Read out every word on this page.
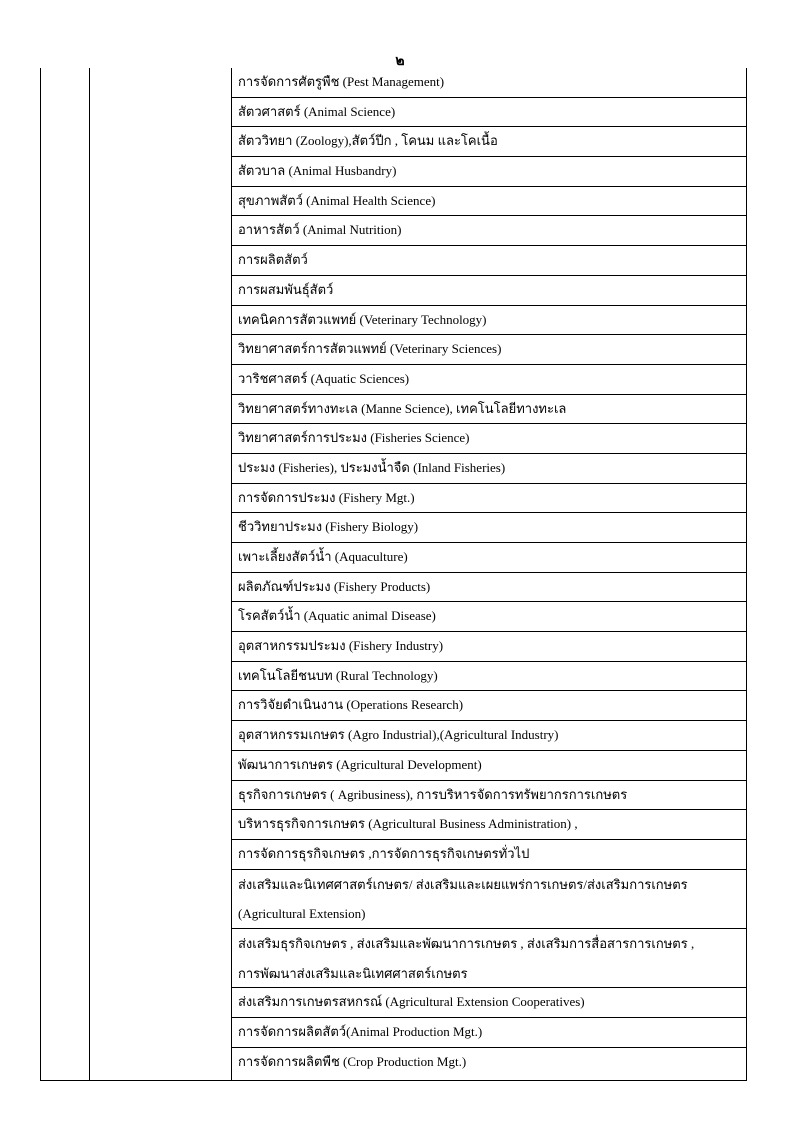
๒
การจัดการศัตรูพืช (Pest Management)
สัตวศาสตร์ (Animal Science)
สัตววิทยา (Zoology),สัตว์ปีก , โคนม และโคเนื้อ
สัตวบาล (Animal Husbandry)
สุขภาพสัตว์ (Animal Health Science)
อาหารสัตว์ (Animal Nutrition)
การผลิตสัตว์
การผสมพันธุ์สัตว์
เทคนิคการสัตวแพทย์ (Veterinary Technology)
วิทยาศาสตร์การสัตวแพทย์ (Veterinary Sciences)
วาริชศาสตร์ (Aquatic Sciences)
วิทยาศาสตร์ทางทะเล (Manne Science), เทคโนโลยีทางทะเล
วิทยาศาสตร์การประมง (Fisheries Science)
ประมง (Fisheries), ประมงน้ำจืด (Inland Fisheries)
การจัดการประมง (Fishery Mgt.)
ชีววิทยาประมง (Fishery Biology)
เพาะเลี้ยงสัตว์น้ำ (Aquaculture)
ผลิตภัณฑ์ประมง (Fishery Products)
โรคสัตว์น้ำ (Aquatic animal Disease)
อุตสาหกรรมประมง (Fishery Industry)
เทคโนโลยีชนบท (Rural Technology)
การวิจัยดำเนินงาน (Operations Research)
อุตสาหกรรมเกษตร (Agro Industrial),(Agricultural Industry)
พัฒนาการเกษตร (Agricultural Development)
ธุรกิจการเกษตร ( Agribusiness), การบริหารจัดการทรัพยากรการเกษตร
บริหารธุรกิจการเกษตร (Agricultural Business Administration) ,
การจัดการธุรกิจเกษตร ,การจัดการธุรกิจเกษตรทั่วไป
ส่งเสริมและนิเทศศาสตร์เกษตร/ ส่งเสริมและเผยแพร่การเกษตร/ส่งเสริมการเกษตร
(Agricultural Extension)
ส่งเสริมธุรกิจเกษตร , ส่งเสริมและพัฒนาการเกษตร , ส่งเสริมการสื่อสารการเกษตร ,
การพัฒนาส่งเสริมและนิเทศศาสตร์เกษตร
ส่งเสริมการเกษตรสหกรณ์ (Agricultural Extension Cooperatives)
การจัดการผลิตสัตว์(Animal Production Mgt.)
การจัดการผลิตพืช (Crop Production Mgt.)
